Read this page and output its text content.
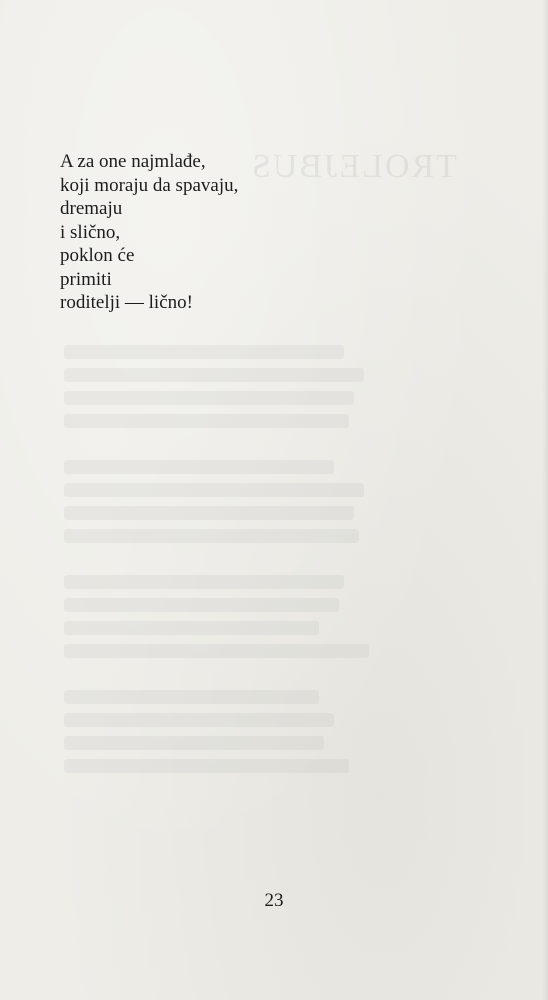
TROLEJBUS
A za one najmlađe,
koji moraju da spavaju,
dremaju
i slično,
poklon će
primiti
roditelji — lično!
23
